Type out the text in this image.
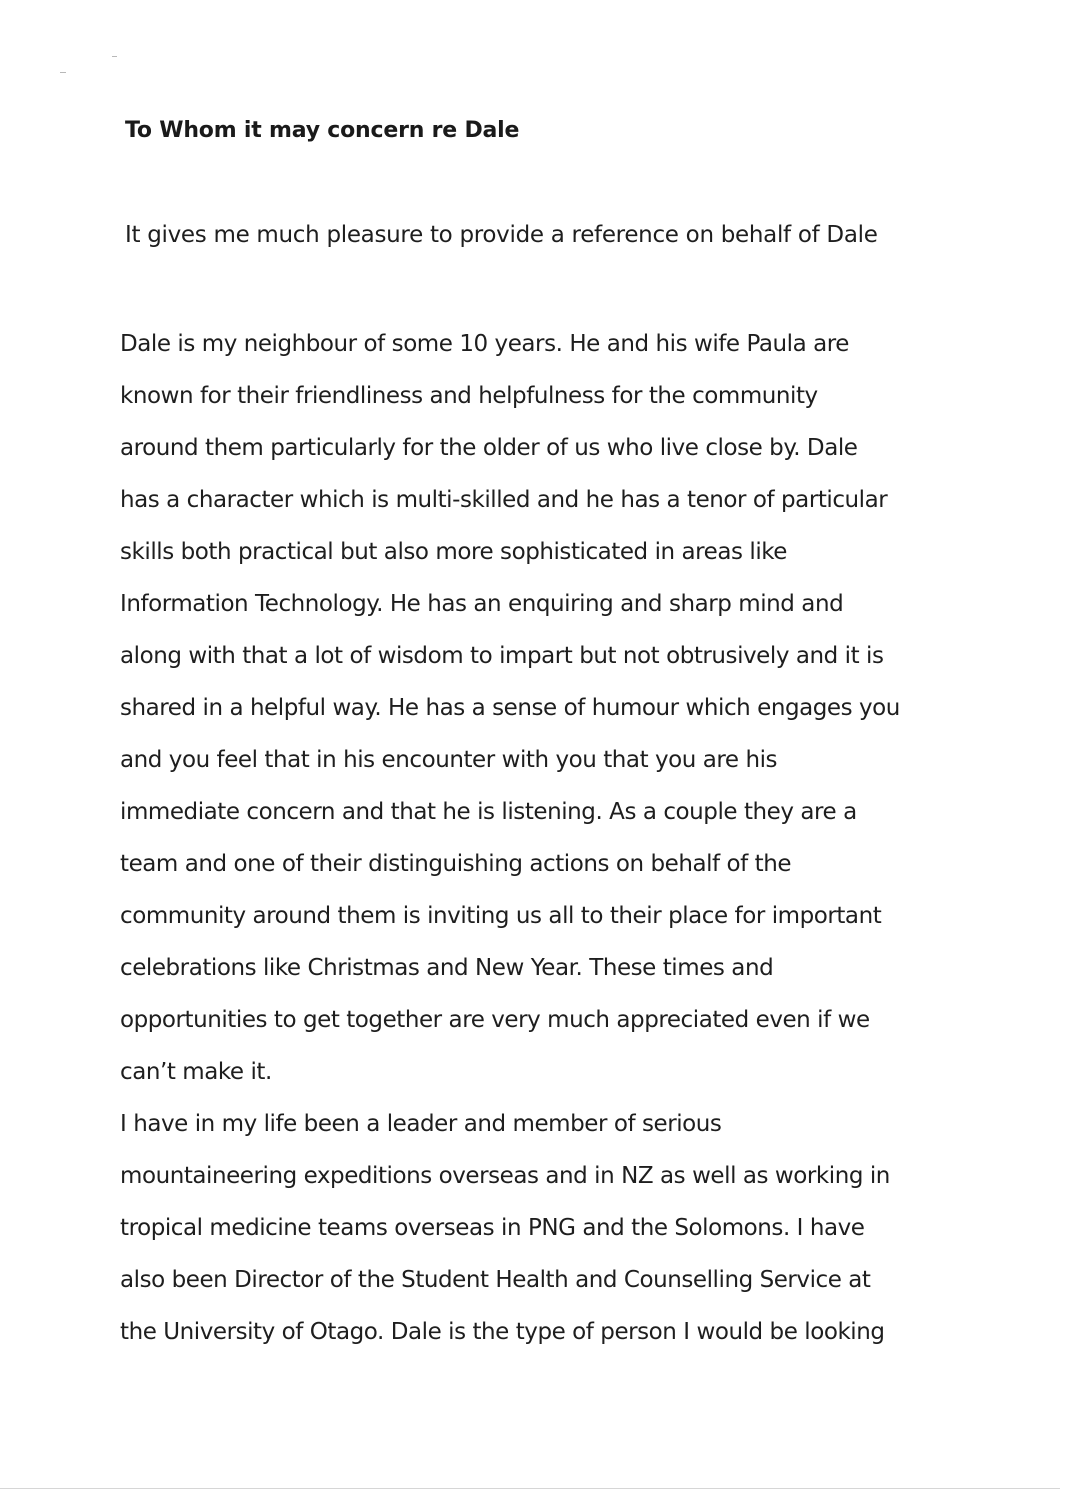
To Whom it may concern re Dale
It gives me much pleasure to provide a reference on behalf of Dale
Dale is my neighbour of some 10 years. He and his wife Paula are
known for their friendliness and helpfulness for the community
around them particularly for the older of us who live close by. Dale
has a character which is multi-skilled and he has a tenor of particular
skills both practical but also more sophisticated in areas like
Information Technology. He has an enquiring and sharp mind and
along with that a lot of wisdom to impart but not obtrusively and it is
shared in a helpful way. He has a sense of humour which engages you
and you feel that in his encounter with you that you are his
immediate concern and that he is listening. As a couple they are a
team and one of their distinguishing actions on behalf of the
community around them is inviting us all to their place for important
celebrations like Christmas and New Year. These times and
opportunities to get together are very much appreciated even if we
can’t make it.
I have in my life been a leader and member of serious
mountaineering expeditions overseas and in NZ as well as working in
tropical medicine teams overseas in PNG and the Solomons. I have
also been Director of the Student Health and Counselling Service at
the University of Otago. Dale is the type of person I would be looking
